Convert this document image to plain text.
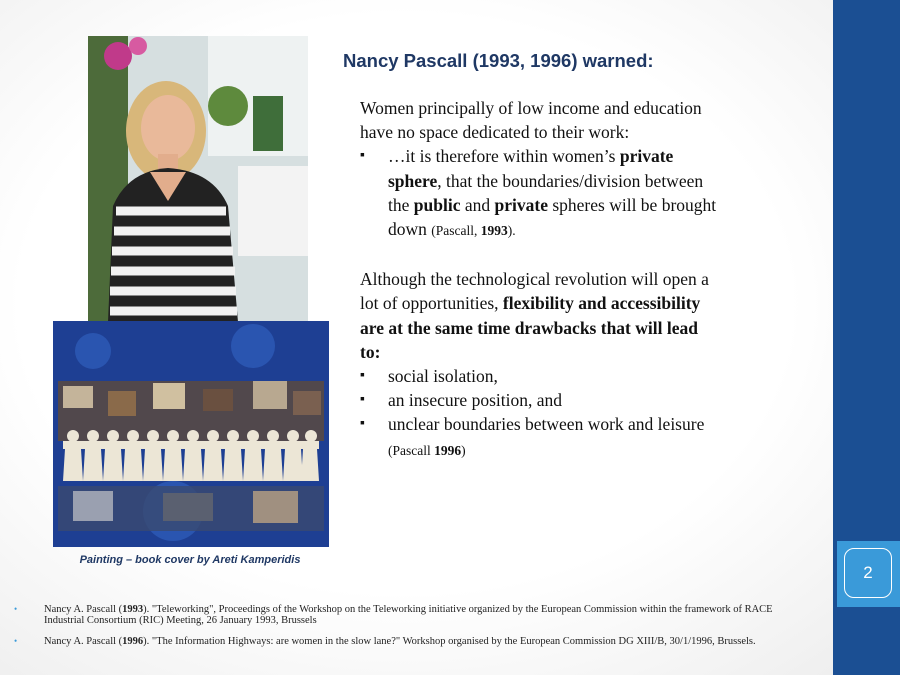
2
Painting – book cover by Areti Kamperidis
Nancy Pascall (1993, 1996) warned:

Women principally of low income and education have no space dedicated to their work:

▪ …it is therefore within women’s private sphere, that the boundaries/division between the public and private spheres will be brought down (Pascall, 1993).

Although the technological revolution will open a lot of opportunities, flexibility and accessibility are at the same time drawbacks that will lead to:

▪ social isolation,
▪ an insecure position, and
▪ unclear boundaries between work and leisure (Pascall 1996)
• Nancy A. Pascall (1993). "Teleworking", Proceedings of the Workshop on the Teleworking initiative organized by the European Commission within the framework of RACE Industrial Consortium (RIC) Meeting, 26 January 1993, Brussels
• Nancy A. Pascall (1996). "The Information Highways: are women in the slow lane?" Workshop organised by the European Commission DG XIII/B, 30/1/1996, Brussels.
